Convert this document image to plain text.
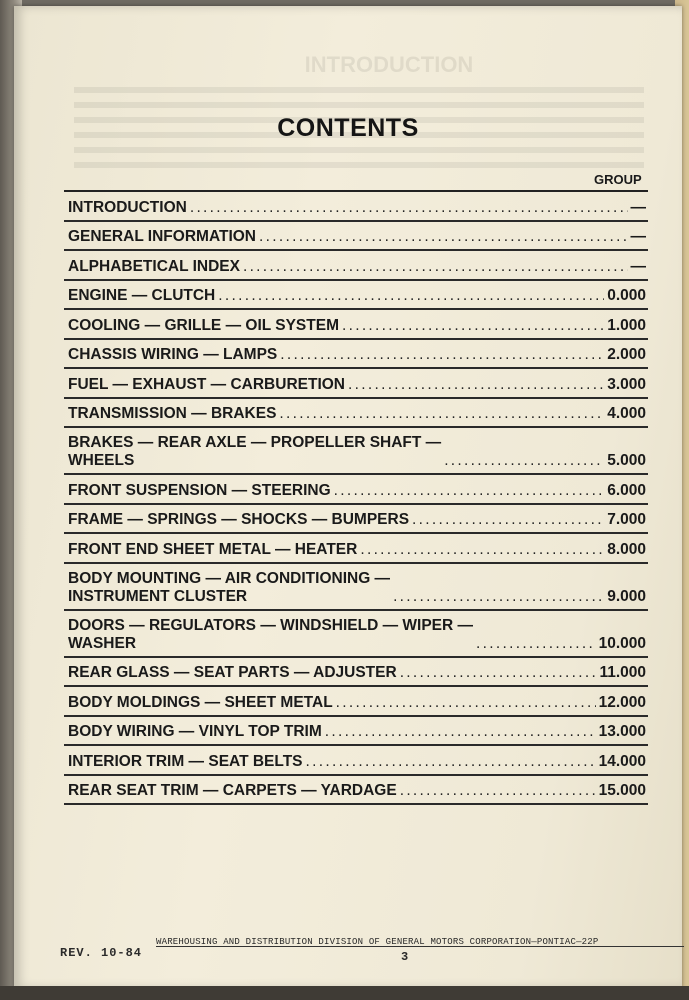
INTRODUCTION
CONTENTS
GROUP
INTRODUCTION . . .	—
GENERAL INFORMATION . . .	—
ALPHABETICAL INDEX . . .	—
ENGINE — CLUTCH . . .	0.000
COOLING — GRILLE — OIL SYSTEM . . .	1.000
CHASSIS WIRING — LAMPS . . .	2.000
FUEL — EXHAUST — CARBURETION . . .	3.000
TRANSMISSION — BRAKES . . .	4.000
BRAKES — REAR AXLE — PROPELLER SHAFT —
WHEELS . . .	5.000
FRONT SUSPENSION — STEERING . . .	6.000
FRAME — SPRINGS — SHOCKS — BUMPERS . . .	7.000
FRONT END SHEET METAL — HEATER . . .	8.000
BODY MOUNTING — AIR CONDITIONING —
INSTRUMENT CLUSTER . . .	9.000
DOORS — REGULATORS — WINDSHIELD — WIPER —
WASHER . . .	10.000
REAR GLASS — SEAT PARTS — ADJUSTER . . .	11.000
BODY MOLDINGS — SHEET METAL . . .	12.000
BODY WIRING — VINYL TOP TRIM . . .	13.000
INTERIOR TRIM — SEAT BELTS . . .	14.000
REAR SEAT TRIM — CARPETS — YARDAGE . . .	15.000
WAREHOUSING AND DISTRIBUTION DIVISION OF GENERAL MOTORS CORPORATION—PONTIAC—22P
REV. 10-84	3
